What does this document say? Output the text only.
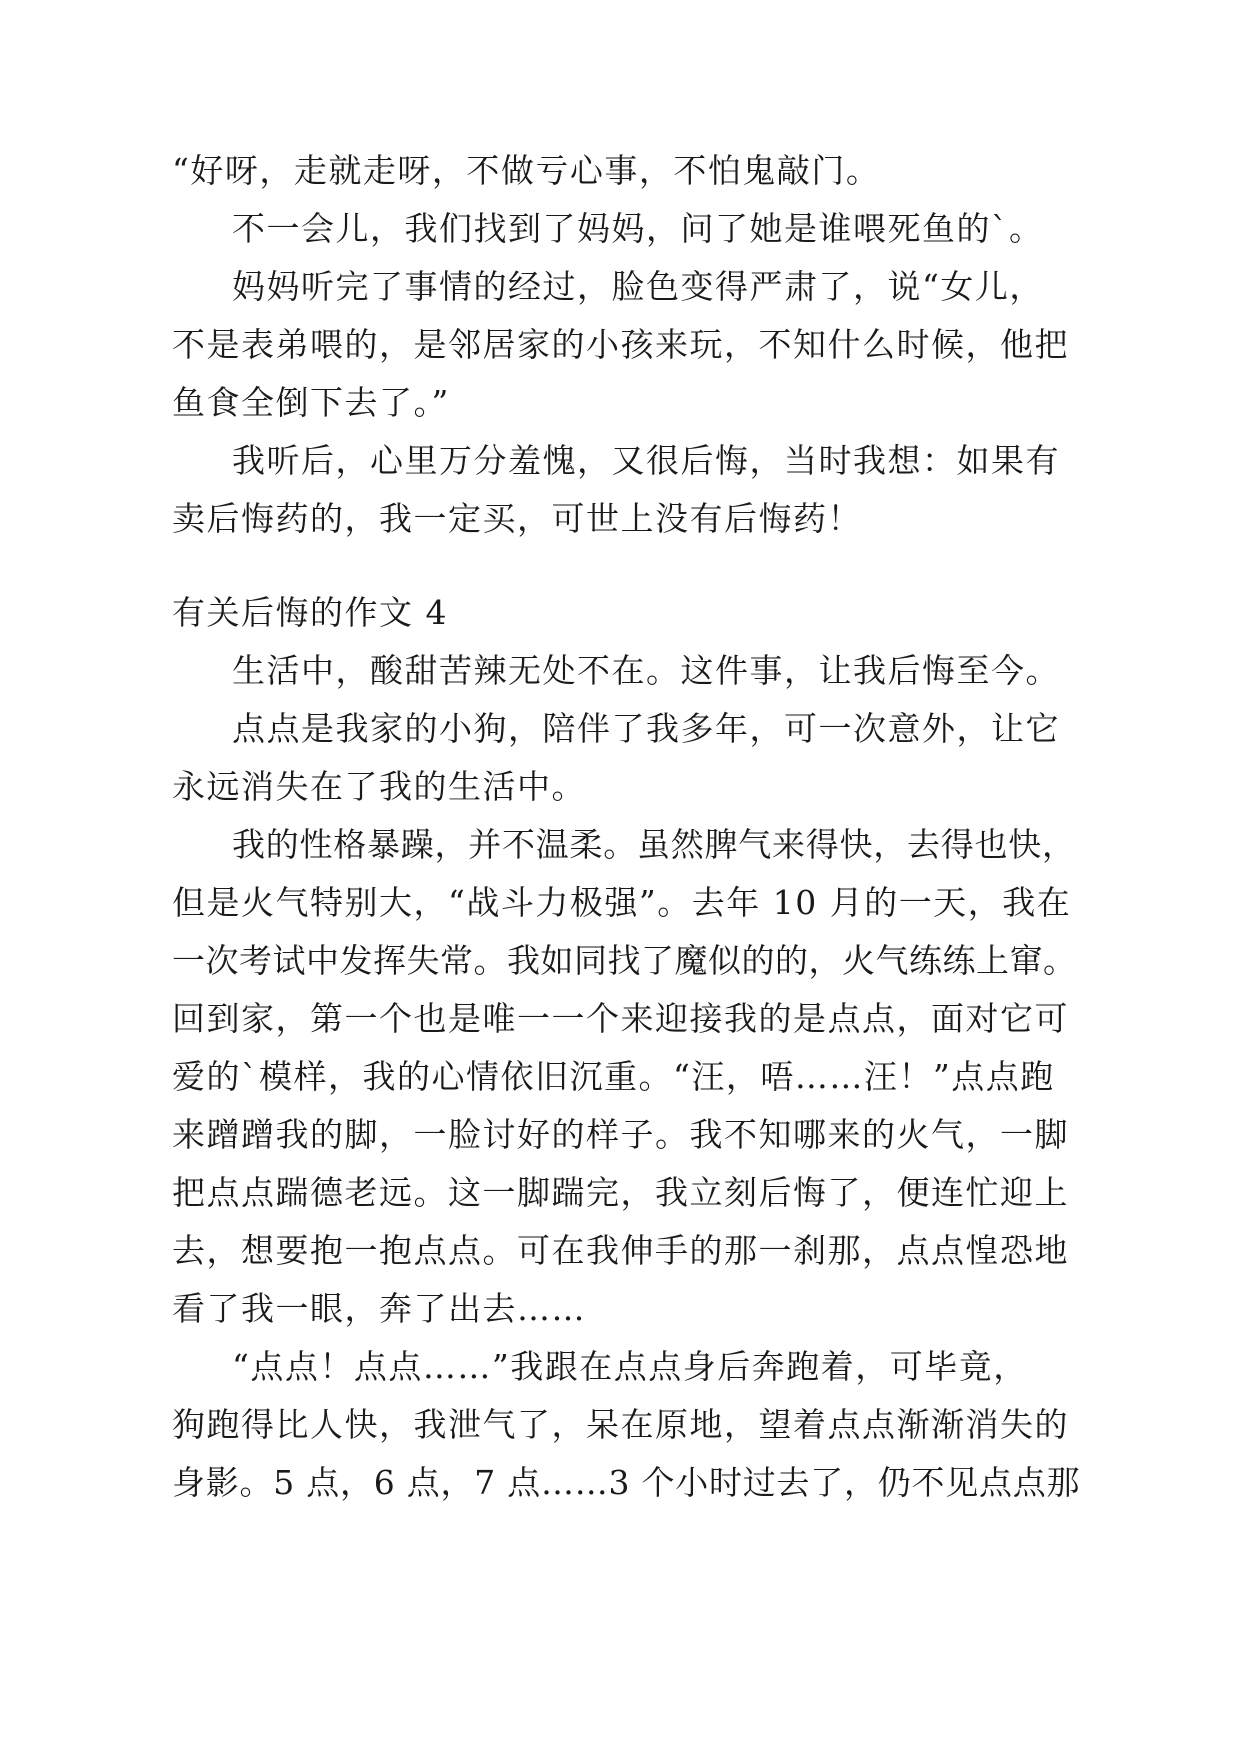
“好呀，走就走呀，不做亏心事，不怕鬼敲门。
不一会儿，我们找到了妈妈，问了她是谁喂死鱼的`。
妈妈听完了事情的经过，脸色变得严肃了，说“女儿，
不是表弟喂的，是邻居家的小孩来玩，不知什么时候，他把
鱼食全倒下去了。”
我听后，心里万分羞愧，又很后悔，当时我想：如果有
卖后悔药的，我一定买，可世上没有后悔药！
有关后悔的作文 4
生活中，酸甜苦辣无处不在。这件事，让我后悔至今。
点点是我家的小狗，陪伴了我多年，可一次意外，让它
永远消失在了我的生活中。
我的性格暴躁，并不温柔。虽然脾气来得快，去得也快，
但是火气特别大，“战斗力极强”。去年 10 月的一天，我在
一次考试中发挥失常。我如同找了魔似的的，火气练练上窜。
回到家，第一个也是唯一一个来迎接我的是点点，面对它可
爱的`模样，我的心情依旧沉重。“汪，唔……汪！”点点跑
来蹭蹭我的脚，一脸讨好的样子。我不知哪来的火气，一脚
把点点踹德老远。这一脚踹完，我立刻后悔了，便连忙迎上
去，想要抱一抱点点。可在我伸手的那一刹那，点点惶恐地
看了我一眼，奔了出去……
“点点！点点……”我跟在点点身后奔跑着，可毕竟，
狗跑得比人快，我泄气了，呆在原地，望着点点渐渐消失的
身影。5 点，6 点，7 点……3 个小时过去了，仍不见点点那
